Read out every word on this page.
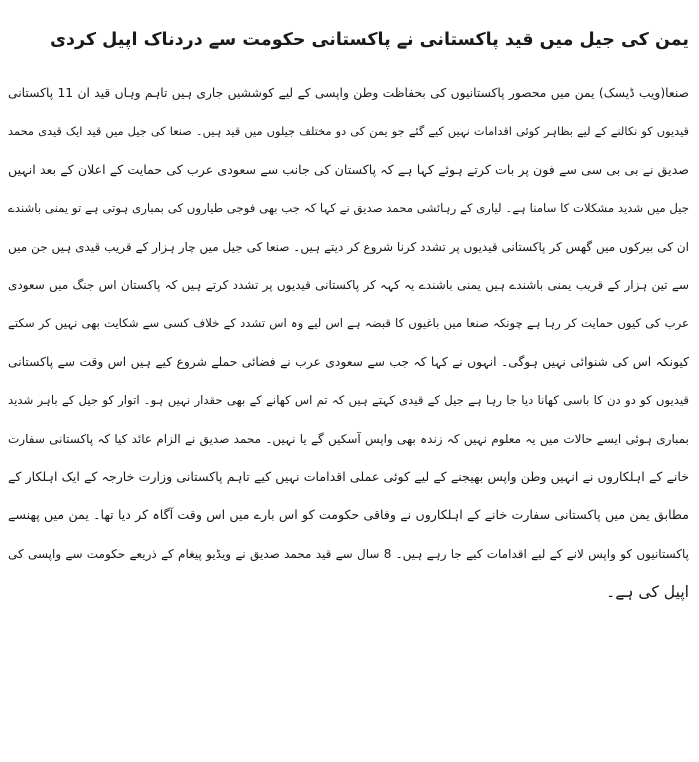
یمن کی جیل میں قید پاکستانی نے پاکستانی حکومت سے دردناک اپیل کردی
صنعا(ویب ڈیسک) یمن میں محصور پاکستانیوں کی بحفاظت وطن واپسی کے لیے کوششیں جاری ہیں تاہم وہاں قید ان 11 پاکستانی
قیدیوں کو نکالنے کے لیے بظاہر کوئی اقدامات نہیں کیے گئے جو یمن کی دو مختلف جیلوں میں قید ہیں۔ صنعا کی جیل میں قید ایک قیدی محمد
صدیق نے بی بی سی سے فون پر بات کرتے ہوئے کہا ہے کہ پاکستان کی جانب سے سعودی عرب کی حمایت کے اعلان کے بعد انہیں
جیل میں شدید مشکلات کا سامنا ہے۔ لیاری کے رہائشی محمد صدیق نے کہا کہ جب بھی فوجی طیاروں کی بمباری ہوتی ہے تو یمنی باشندے
ان کی بیرکوں میں گھس کر پاکستانی قیدیوں پر تشدد کرنا شروع کر دیتے ہیں۔ صنعا کی جیل میں چار ہزار کے قریب قیدی ہیں جن میں
سے تین ہزار کے قریب یمنی باشندے ہیں یمنی باشندے یہ کہہ کر پاکستانی قیدیوں پر تشدد کرتے ہیں کہ پاکستان اس جنگ میں سعودی
عرب کی کیوں حمایت کر رہا ہے چونکہ صنعا میں باغیوں کا قبضہ ہے اس لیے وہ اس تشدد کے خلاف کسی سے شکایت بھی نہیں کر سکتے
کیونکہ اس کی شنوائی نہیں ہوگی۔ انہوں نے کہا کہ جب سے سعودی عرب نے فضائی حملے شروع کیے ہیں اس وقت سے پاکستانی
قیدیوں کو دو دن کا باسی کھانا دیا جا رہا ہے جیل کے قیدی کہتے ہیں کہ تم اس کھانے کے بھی حقدار نہیں ہو۔ اتوار کو جیل کے باہر شدید
بمباری ہوئی ایسے حالات میں یہ معلوم نہیں کہ زندہ بھی واپس آسکیں گے یا نہیں۔ محمد صدیق نے الزام عائد کیا کہ پاکستانی سفارت
خانے کے اہلکاروں نے انہیں وطن واپس بھیجنے کے لیے کوئی عملی اقدامات نہیں کیے تاہم پاکستانی وزارت خارجہ کے ایک اہلکار کے
مطابق یمن میں پاکستانی سفارت خانے کے اہلکاروں نے وفاقی حکومت کو اس بارے میں اس وقت آگاہ کر دیا تھا۔ یمن میں پھنسے
پاکستانیوں کو واپس لانے کے لیے اقدامات کیے جا رہے ہیں۔ 8 سال سے قید محمد صدیق نے ویڈیو پیغام کے ذریعے حکومت سے واپسی کی
اپیل کی ہے۔
